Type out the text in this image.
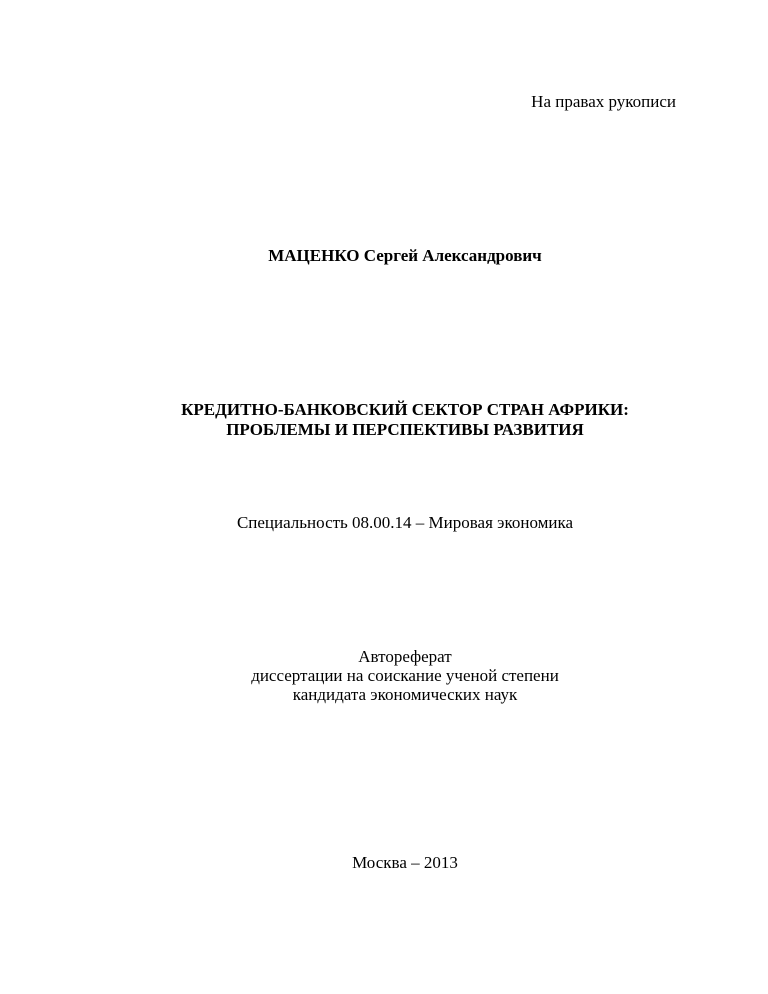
На правах рукописи
МАЦЕНКО Сергей Александрович
КРЕДИТНО-БАНКОВСКИЙ СЕКТОР СТРАН АФРИКИ:
ПРОБЛЕМЫ И ПЕРСПЕКТИВЫ РАЗВИТИЯ
Специальность 08.00.14 – Мировая экономика
Автореферат
диссертации на соискание ученой степени
кандидата экономических наук
Москва – 2013
